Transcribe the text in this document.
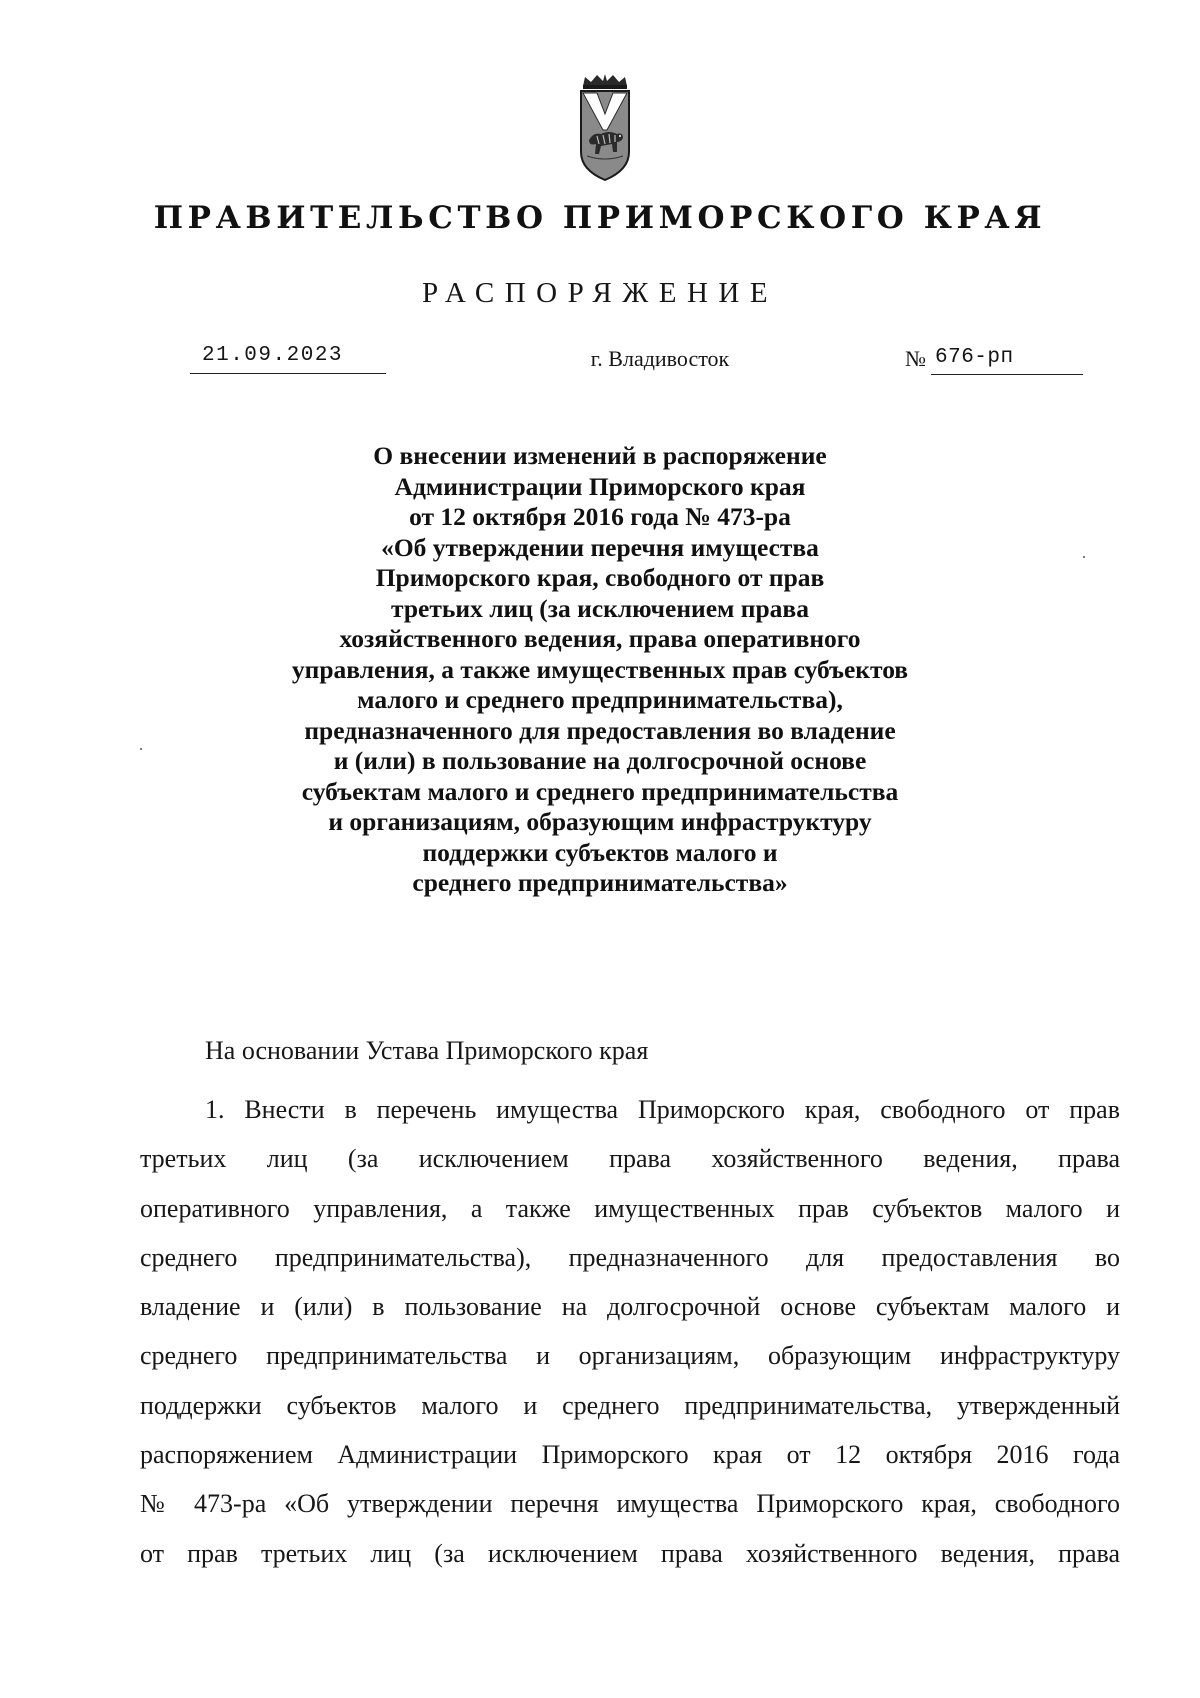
ПРАВИТЕЛЬСТВО ПРИМОРСКОГО КРАЯ
РАСПОРЯЖЕНИЕ
21.09.2023	г. Владивосток	№ 676-рп
О внесении изменений в распоряжение
Администрации Приморского края
от 12 октября 2016 года № 473-ра
«Об утверждении перечня имущества
Приморского края, свободного от прав
третьих лиц (за исключением права
хозяйственного ведения, права оперативного
управления, а также имущественных прав субъектов
малого и среднего предпринимательства),
предназначенного для предоставления во владение
и (или) в пользование на долгосрочной основе
субъектам малого и среднего предпринимательства
и организациям, образующим инфраструктуру
поддержки субъектов малого и
среднего предпринимательства»
На основании Устава Приморского края
1. Внести в перечень имущества Приморского края, свободного от прав
третьих лиц (за исключением права хозяйственного ведения, права
оперативного управления, а также имущественных прав субъектов малого и
среднего предпринимательства), предназначенного для предоставления во
владение и (или) в пользование на долгосрочной основе субъектам малого и
среднего предпринимательства и организациям, образующим инфраструктуру
поддержки субъектов малого и среднего предпринимательства, утвержденный
распоряжением Администрации Приморского края от 12 октября 2016 года
№ 473-ра «Об утверждении перечня имущества Приморского края, свободного
от прав третьих лиц (за исключением права хозяйственного ведения, права
